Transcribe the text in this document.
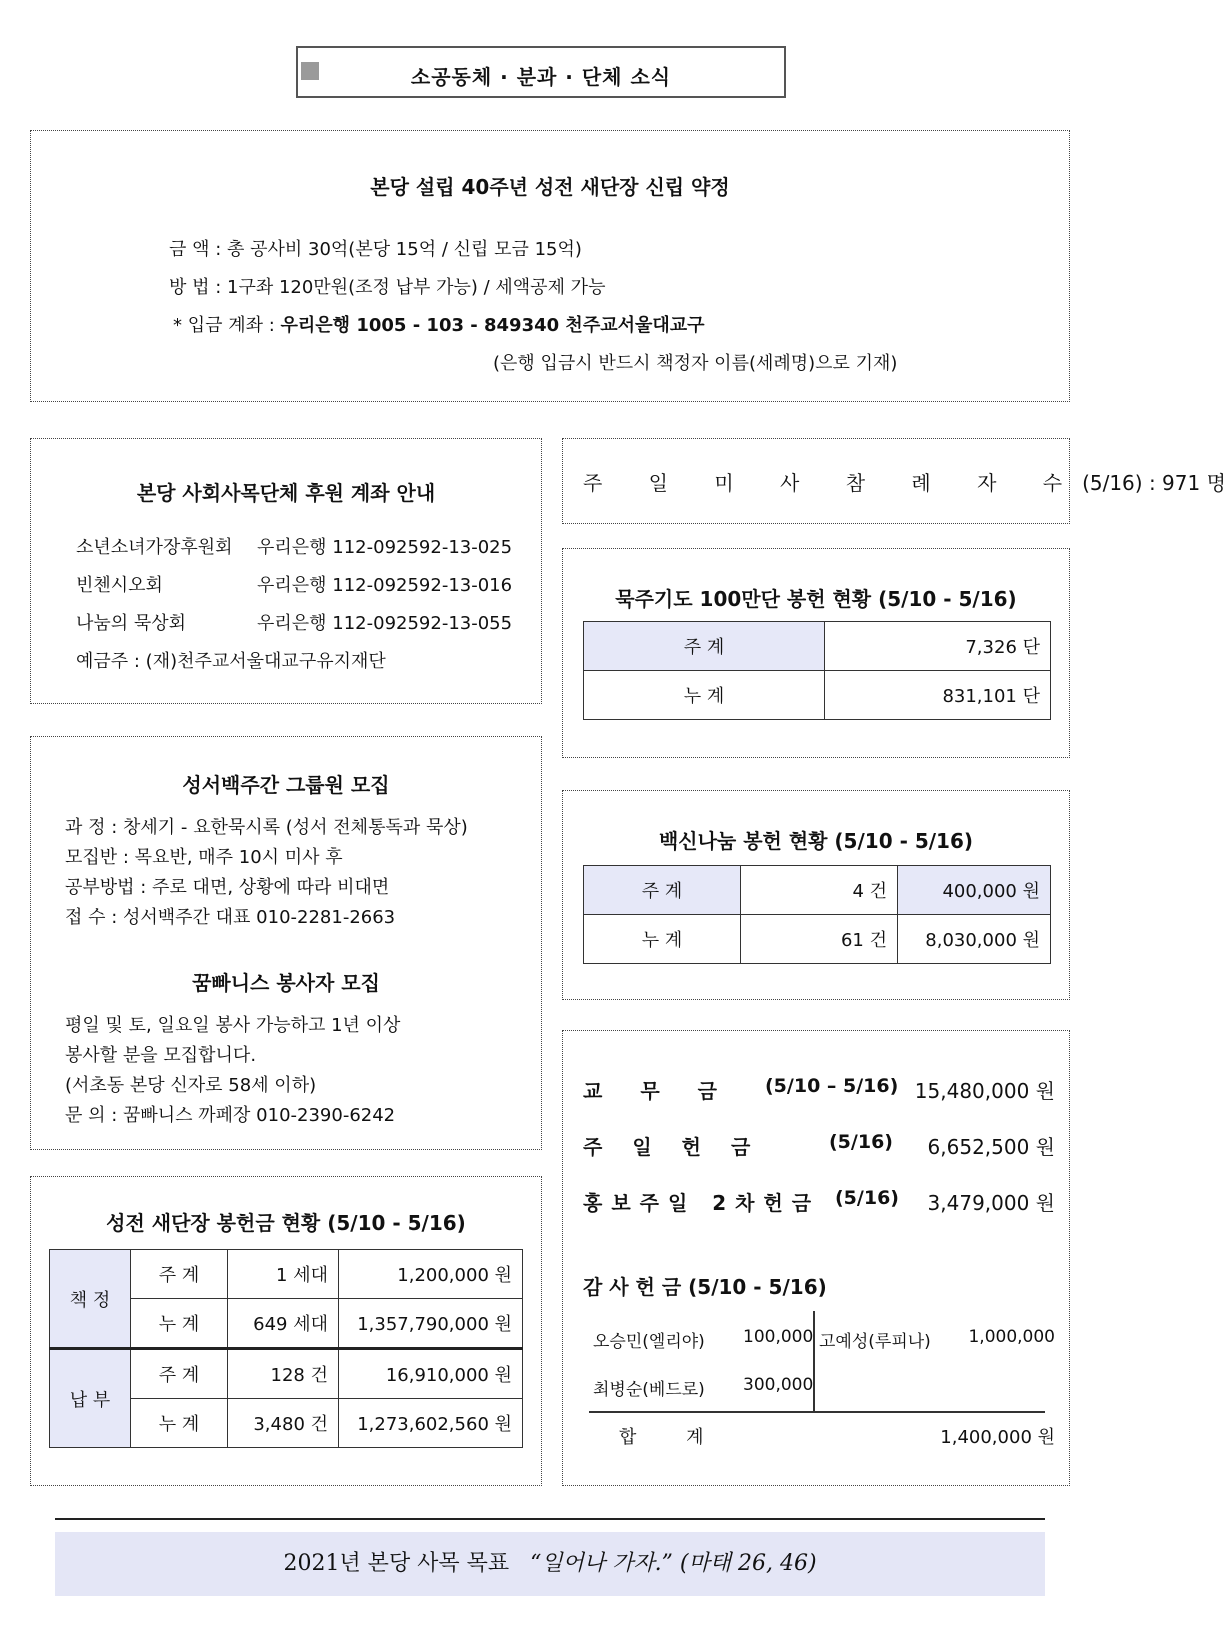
소공동체 · 분과 · 단체 소식
본당 설립 40주년 성전 새단장 신립 약정
금 액 : 총 공사비 30억(본당 15억 / 신립 모금 15억)
방 법 : 1구좌 120만원(조정 납부 가능) / 세액공제 가능
* 입금 계좌 : 우리은행 1005 - 103 - 849340 천주교서울대교구
(은행 입금시 반드시 책정자 이름(세례명)으로 기재)
본당 사회사목단체 후원 계좌 안내
소년소녀가장후원회 우리은행 112-092592-13-025
빈첸시오회	우리은행 112-092592-13-016
나눔의 묵상회	우리은행 112-092592-13-055
예금주 : (재)천주교서울대교구유지재단
주 일 미 사 참 례 자 수(5/16) : 971 명
묵주기도 100만단 봉헌 현황 (5/10 - 5/16)
주 계	7,326 단
누 계	831,101 단
성서백주간 그룹원 모집
과 정 : 창세기 - 요한묵시록 (성서 전체통독과 묵상)
모집반 : 목요반, 매주 10시 미사 후
공부방법 : 주로 대면, 상황에 따라 비대면
접 수 : 성서백주간 대표 010-2281-2663
꿈빠니스 봉사자 모집
평일 및 토, 일요일 봉사 가능하고 1년 이상
봉사할 분을 모집합니다.
(서초동 본당 신자로 58세 이하)
문 의 : 꿈빠니스 까페장 010-2390-6242
백신나눔 봉헌 현황 (5/10 - 5/16)
주 계	4 건	400,000 원
누 계	61 건	8,030,000 원
교무금 (5/10 – 5/16) 15,480,000 원
주일헌금	(5/16) 6,652,500 원
홍보주일 2차헌금 (5/16) 3,479,000 원
감 사 헌 금 (5/10 - 5/16)
오승민(엘리야) 100,000 고예성(루피나) 1,000,000
최병순(베드로) 300,000
합 계	1,400,000 원
성전 새단장 봉헌금 현황 (5/10 - 5/16)
책 정	주 계	1 세대	1,200,000 원
	누 계	649 세대	1,357,790,000 원
납 부	주 계	128 건	16,910,000 원
	누 계	3,480 건	1,273,602,560 원
2021년 본당 사목 목표 “일어나 가자.” (마태 26, 46)
